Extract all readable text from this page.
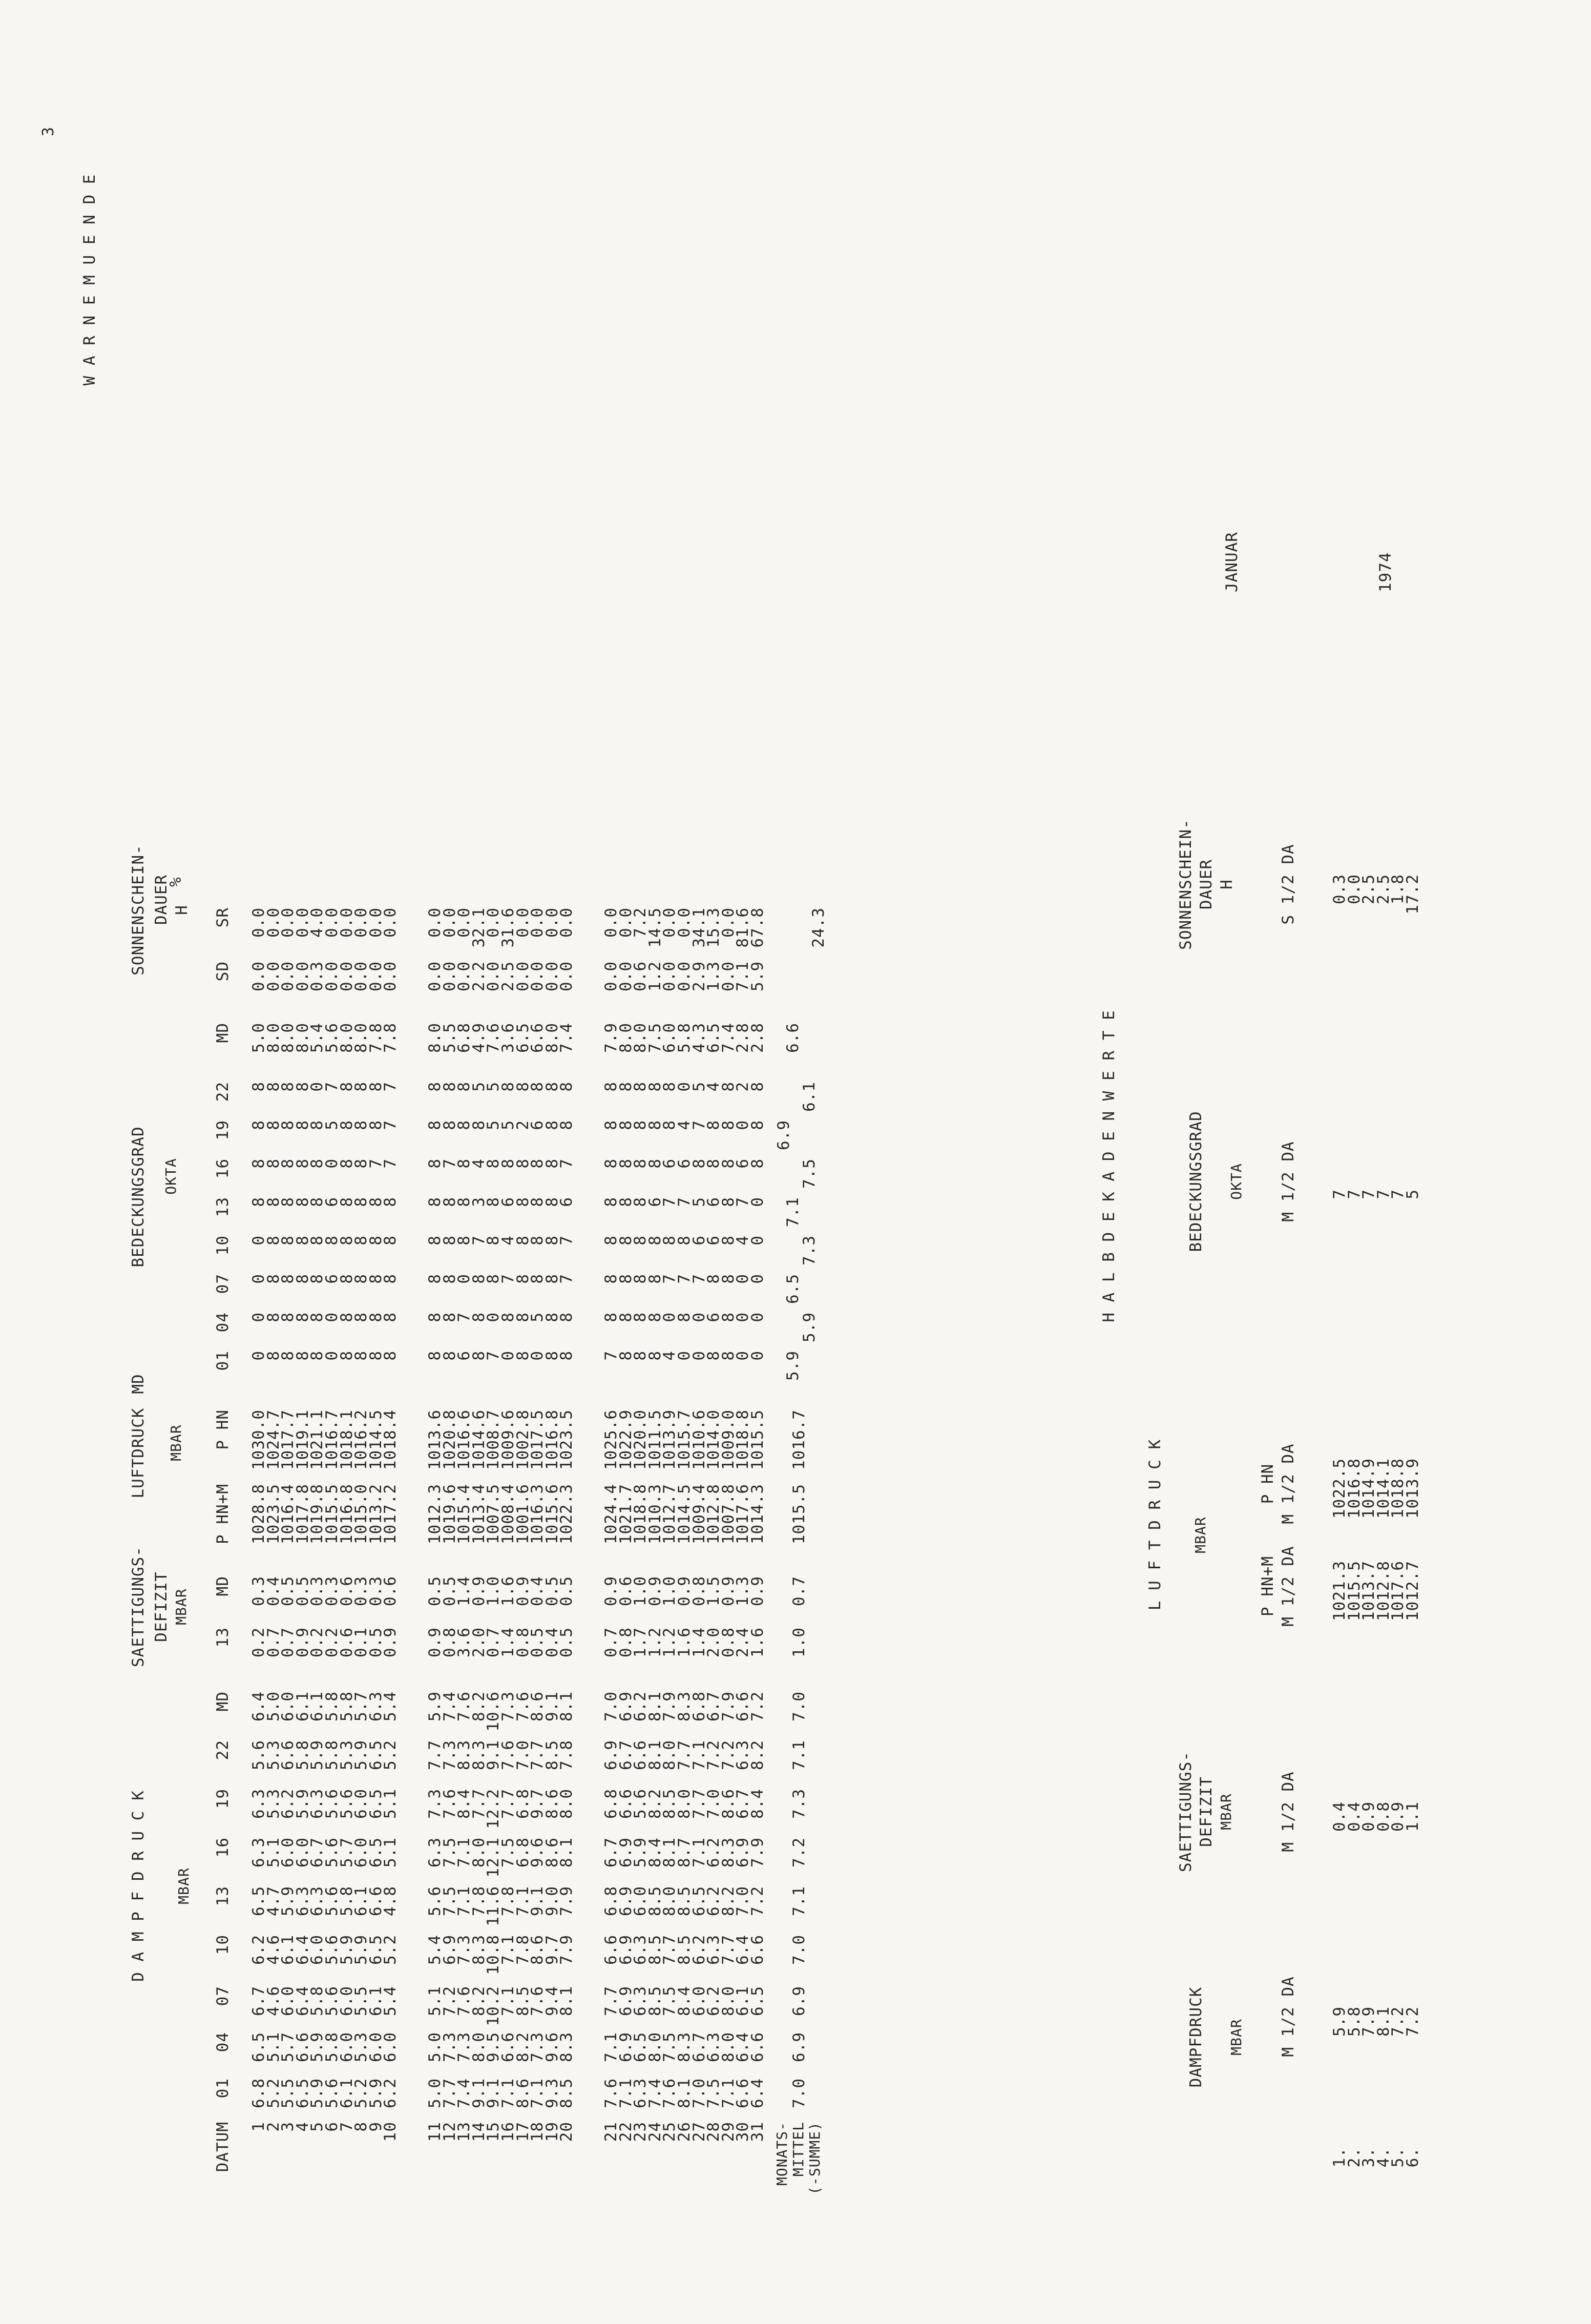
3
W A R N E M U E N D E
JANUAR	1974
D A M P F D R U C K MBAR
SAETTIGUNGS- DEFIZIT MBAR
LUFTDRUCK
MD
MBAR
BEDECKUNGSGRAD OKTA
SONNENSCHEIN- DAUER H
%
DATUM
01
04
07
10
13
16
19
22
MD
13
MD
P HN+M
P HN
01
04
07
10
13
16
19
22
MD
SD
SR
1
6.8
6.5
6.7
6.2
6.5
6.3
6.3
5.6
6.4
0.2
0.3
1028.8
1030.0
0
0
0
0
8
8
8
8
5.0
0.0
0.0
2
5.2
5.1
4.6
4.6
4.7
5.1
5.3
5.3
5.0
0.7
0.4
1023.5
1024.7
8
8
8
8
8
8
8
8
8.0
0.0
0.0
3
5.5
5.7
6.0
6.1
5.9
6.0
6.2
6.6
6.0
0.7
0.5
1016.4
1017.7
8
8
8
8
8
8
8
8
8.0
0.0
0.0
4
6.5
6.6
6.4
6.4
6.3
6.0
5.9
5.8
6.1
0.9
0.5
1017.8
1019.1
8
8
8
8
8
8
8
8
8.0
0.0
0.0
5
5.9
5.9
5.8
6.0
6.3
6.7
6.3
5.9
6.1
0.2
0.3
1019.8
1021.1
8
8
8
8
8
8
8
0
5.4
0.3
4.0
6
5.6
5.8
5.6
5.6
5.6
5.6
5.6
5.8
5.8
0.2
0.3
1015.5
1016.7
0
0
6
8
6
0
5
7
5.6
0.0
0.0
7
6.1
6.0
6.0
5.9
5.8
5.7
5.6
5.3
5.8
0.6
0.6
1016.8
1018.1
8
8
8
8
8
8
8
8
8.0
0.0
0.0
8
5.2
5.3
5.5
5.9
6.1
6.0
6.0
5.9
5.7
0.1
0.3
1015.0
1016.2
8
8
8
8
8
8
8
8
8.0
0.0
0.0
9
5.9
6.0
6.1
6.5
6.6
6.5
6.5
6.5
6.3
0.5
0.3
1013.2
1014.5
8
8
8
8
8
7
8
8
7.8
0.0
0.0
10
6.2
6.0
5.4
5.2
4.8
5.1
5.1
5.2
5.4
0.9
0.6
1017.2
1018.4
8
8
8
8
8
7
7
7
7.8
0.0
0.0
11
5.0
5.0
5.1
5.4
5.6
6.3
7.3
7.7
5.9
0.9
0.5
1012.3
1013.6
8
8
8
8
8
8
8
8
8.0
0.0
0.0
12
7.7
7.3
7.2
6.9
7.5
7.5
7.6
7.3
7.4
0.8
0.5
1019.6
1020.8
8
8
8
8
8
7
8
8
5.5
0.0
0.0
13
7.4
7.3
7.6
7.3
7.1
7.1
8.4
8.3
7.6
3.6
1.4
1015.4
1016.6
6
7
0
8
8
8
8
8
6.8
0.0
0.0
14
9.1
8.0
8.2
8.3
7.8
8.0
7.7
8.3
8.2
2.0
0.9
1013.4
1014.6
8
8
8
7
3
4
8
5
4.9
2.2
32.1
15
9.1
9.5
10.2
10.8
11.6
12.1
12.2
9.1
10.6
0.7
1.0
1007.5
1008.7
7
0
8
8
8
8
5
5
7.6
0.0
0.0
16
7.1
6.6
7.1
7.1
7.8
7.5
7.7
7.6
7.3
1.4
1.6
1008.4
1009.6
0
8
7
4
6
8
5
8
3.6
2.5
31.6
17
8.6
8.2
8.5
7.8
7.1
6.8
6.8
7.0
7.6
0.8
0.9
1001.6
1002.8
8
8
8
8
8
8
2
8
6.5
0.0
0.0
18
7.1
7.3
7.6
8.6
9.1
9.6
9.7
7.7
8.6
0.5
0.4
1016.3
1017.5
0
5
8
8
8
8
6
8
6.6
0.0
0.0
19
9.3
9.6
9.4
9.7
9.0
8.6
8.6
8.5
9.1
0.4
0.5
1015.6
1016.8
8
8
8
8
8
8
8
8
8.0
0.0
0.0
20
8.5
8.3
8.1
7.9
7.9
8.1
8.0
7.8
8.1
0.5
0.5
1022.3
1023.5
8
8
7
7
6
7
8
8
7.4
0.0
0.0
21
7.6
7.1
7.7
6.6
6.8
6.7
6.8
6.9
7.0
0.7
0.9
1024.4
1025.6
7
8
8
8
8
8
8
8
7.9
0.0
0.0
22
7.1
6.9
6.9
6.9
6.9
6.9
6.6
6.7
6.9
0.8
0.6
1021.7
1022.9
8
8
8
8
8
8
8
8
8.0
0.0
0.0
23
6.3
6.5
6.3
6.3
6.0
5.9
5.6
6.6
6.2
1.7
1.0
1018.8
1020.0
8
8
8
8
8
8
8
8
8.0
0.6
7.2
24
7.4
8.0
8.5
8.5
8.5
8.4
8.2
8.1
8.1
1.2
0.9
1010.3
1011.5
8
8
8
8
6
8
8
8
7.5
1.2
14.5
25
7.6
7.5
7.5
7.7
8.0
8.1
8.5
8.0
7.9
1.2
1.0
1012.7
1013.9
4
0
7
8
7
6
8
8
6.0
0.0
0.0
26
8.1
8.3
8.4
8.5
8.5
8.7
8.0
7.7
8.3
1.6
0.9
1014.5
1015.7
0
8
7
8
7
6
4
0
5.8
0.0
0.0
27
7.0
6.7
6.0
6.2
6.5
7.1
7.7
7.1
6.8
1.4
0.8
1009.4
1010.6
0
0
7
6
5
8
7
5
4.3
2.9
34.1
28
7.5
6.3
6.2
6.3
6.2
6.2
7.0
7.2
6.7
2.0
1.5
1012.8
1014.0
8
6
8
6
6
8
8
4
6.5
1.3
15.3
29
7.1
8.0
8.0
7.7
8.2
8.3
8.6
7.2
7.9
0.8
0.9
1007.8
1009.0
8
8
8
8
8
8
8
8
7.4
0.0
0.0
30
6.6
6.4
6.1
6.4
7.0
6.9
6.7
6.3
6.6
2.4
1.3
1017.6
1018.8
0
0
0
4
7
6
0
2
2.8
7.1
81.6
31
6.4
6.6
6.5
6.6
7.2
7.9
8.4
8.2
7.2
1.6
0.9
1014.3
1015.5
0
0
0
0
0
8
8
8
2.8
5.9
67.8
MONATS- MITTEL (-SUMME)
7.0
6.9
6.9
7.0
7.1
7.2
7.3
7.1
7.0
1.0
0.7
1015.5
1016.7
5.9
6.5
7.1
6.9
6.6
5.9
7.3
7.5
6.1
24.3
H A L B D E K A D E N W E R T E
DAMPFDRUCK MBAR
SAETTIGUNGS- DEFIZIT MBAR
L U F T D R U C K MBAR
BEDECKUNGSGRAD OKTA
SONNENSCHEIN- DAUER H
M 1/2 DA
M 1/2 DA
P HN+M M 1/2 DA
P HN M 1/2 DA
M 1/2 DA
S 1/2 DA
1.
5.9
0.4
1021.3
1022.5
7
0.3
2.
5.8
0.4
1015.5
1016.8
7
0.0
3.
7.9
0.9
1013.7
1014.9
7
2.5
4.
8.1
0.8
1012.8
1014.1
7
2.5
5.
7.2
0.9
1017.6
1018.8
7
1.8
6.
7.2
1.1
1012.7
1013.9
5
17.2
